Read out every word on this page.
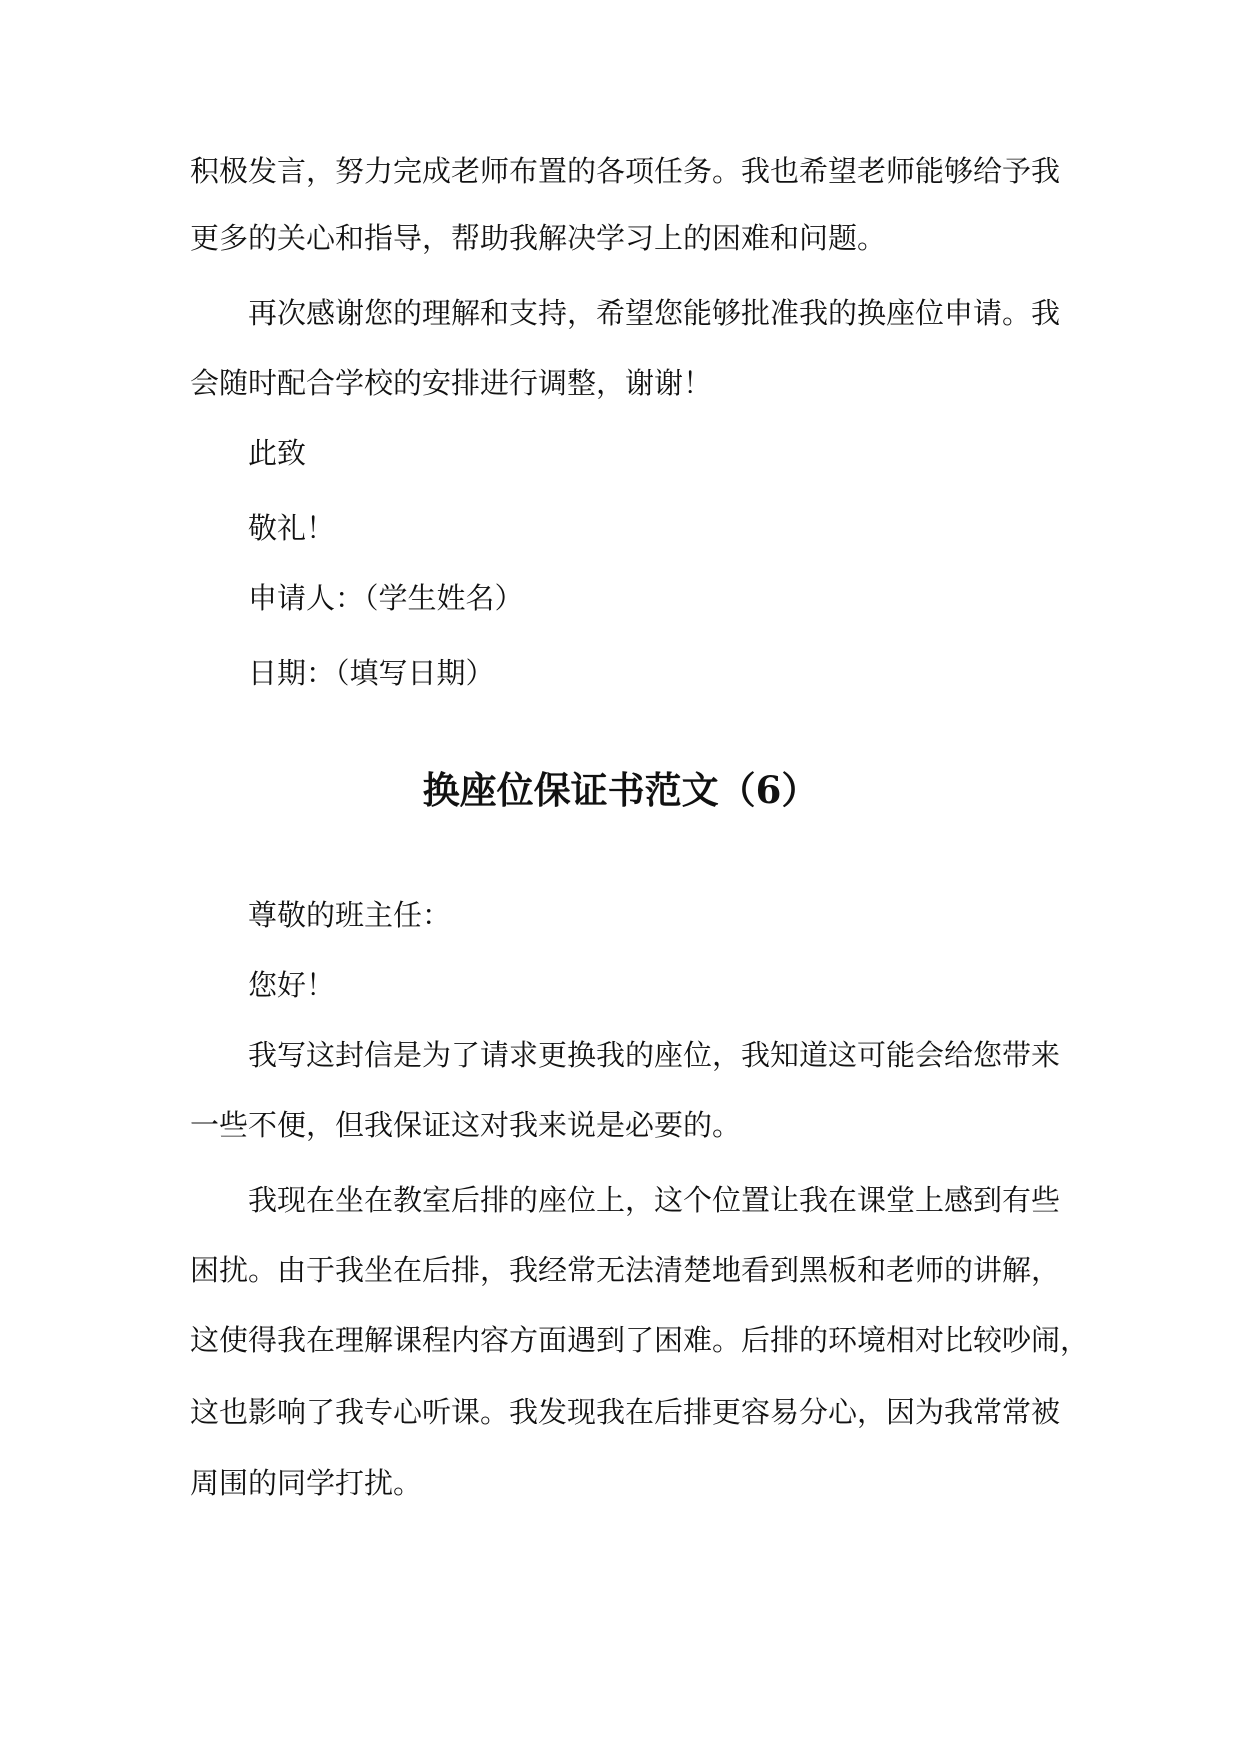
积极发言，努力完成老师布置的各项任务。我也希望老师能够给予我

更多的关心和指导，帮助我解决学习上的困难和问题。

再次感谢您的理解和支持，希望您能够批准我的换座位申请。我

会随时配合学校的安排进行调整，谢谢！

此致

敬礼！

申请人：（学生姓名）

日期：（填写日期）

换座位保证书范文（6）

尊敬的班主任：

您好！

我写这封信是为了请求更换我的座位，我知道这可能会给您带来

一些不便，但我保证这对我来说是必要的。

我现在坐在教室后排的座位上，这个位置让我在课堂上感到有些

困扰。由于我坐在后排，我经常无法清楚地看到黑板和老师的讲解，

这使得我在理解课程内容方面遇到了困难。后排的环境相对比较吵闹，

这也影响了我专心听课。我发现我在后排更容易分心，因为我常常被

周围的同学打扰。
